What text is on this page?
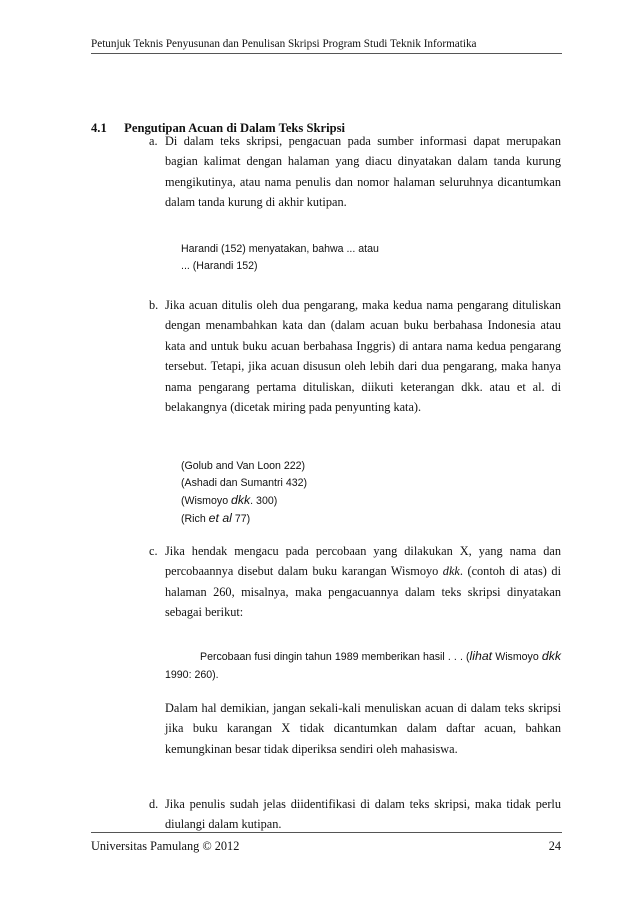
Petunjuk Teknis Penyusunan dan Penulisan Skripsi Program Studi Teknik Informatika
4.1 Pengutipan Acuan di Dalam Teks Skripsi
a. Di dalam teks skripsi, pengacuan pada sumber informasi dapat merupakan bagian kalimat dengan halaman yang diacu dinyatakan dalam tanda kurung mengikutinya, atau nama penulis dan nomor halaman seluruhnya dicantumkan dalam tanda kurung di akhir kutipan.
Harandi (152) menyatakan, bahwa ... atau
... (Harandi 152)
b. Jika acuan ditulis oleh dua pengarang, maka kedua nama pengarang dituliskan dengan menambahkan kata dan (dalam acuan buku berbahasa Indonesia atau kata and untuk buku acuan berbahasa Inggris) di antara nama kedua pengarang tersebut. Tetapi, jika acuan disusun oleh lebih dari dua pengarang, maka hanya nama pengarang pertama dituliskan, diikuti keterangan dkk. atau et al. di belakangnya (dicetak miring pada penyunting kata).
(Golub and Van Loon 222)
(Ashadi dan Sumantri 432)
(Wismoyo dkk. 300)
(Rich et al 77)
c. Jika hendak mengacu pada percobaan yang dilakukan X, yang nama dan percobaannya disebut dalam buku karangan Wismoyo dkk. (contoh di atas) di halaman 260, misalnya, maka pengacuannya dalam teks skripsi dinyatakan sebagai berikut:
Percobaan fusi dingin tahun 1989 memberikan hasil . . . (lihat Wismoyo dkk
1990: 260).
Dalam hal demikian, jangan sekali-kali menuliskan acuan di dalam teks skripsi jika buku karangan X tidak dicantumkan dalam daftar acuan, bahkan kemungkinan besar tidak diperiksa sendiri oleh mahasiswa.
d. Jika penulis sudah jelas diidentifikasi di dalam teks skripsi, maka tidak perlu diulangi dalam kutipan.
Universitas Pamulang © 2012	24
